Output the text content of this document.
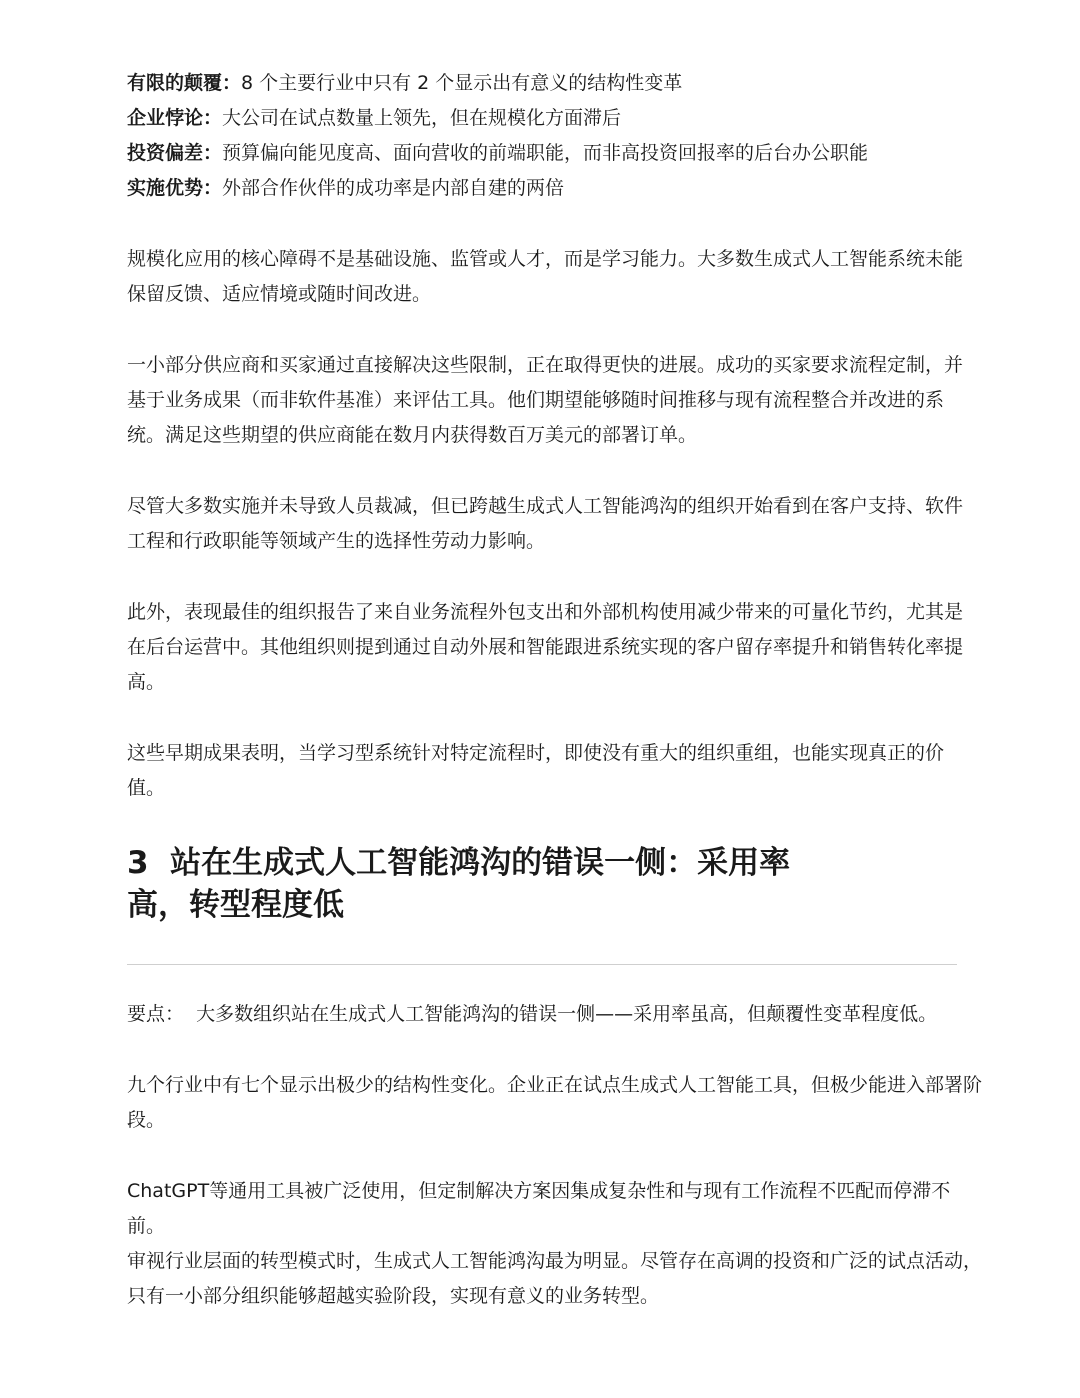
有限的颠覆：8 个主要行业中只有 2 个显示出有意义的结构性变革

企业悖论：大公司在试点数量上领先，但在规模化方面滞后

投资偏差：预算偏向能见度高、面向营收的前端职能，而非高投资回报率的后台办公职能

实施优势：外部合作伙伴的成功率是内部自建的两倍

规模化应用的核心障碍不是基础设施、监管或人才，而是学习能力。大多数生成式人工智能系统未能保留反馈、适应情境或随时间改进。

一小部分供应商和买家通过直接解决这些限制，正在取得更快的进展。成功的买家要求流程定制，并基于业务成果（而非软件基准）来评估工具。他们期望能够随时间推移与现有流程整合并改进的系统。满足这些期望的供应商能在数月内获得数百万美元的部署订单。

尽管大多数实施并未导致人员裁减，但已跨越生成式人工智能鸿沟的组织开始看到在客户支持、软件工程和行政职能等领域产生的选择性劳动力影响。

此外，表现最佳的组织报告了来自业务流程外包支出和外部机构使用减少带来的可量化节约，尤其是在后台运营中。其他组织则提到通过自动外展和智能跟进系统实现的客户留存率提升和销售转化率提高。

这些早期成果表明，当学习型系统针对特定流程时，即使没有重大的组织重组，也能实现真正的价值。

3 站在生成式人工智能鸿沟的错误一侧：采用率高，转型程度低

要点： 大多数组织站在生成式人工智能鸿沟的错误一侧——采用率虽高，但颠覆性变革程度低。

九个行业中有七个显示出极少的结构性变化。企业正在试点生成式人工智能工具，但极少能进入部署阶段。

ChatGPT等通用工具被广泛使用，但定制解决方案因集成复杂性和与现有工作流程不匹配而停滞不前。

审视行业层面的转型模式时，生成式人工智能鸿沟最为明显。尽管存在高调的投资和广泛的试点活动，只有一小部分组织能够超越实验阶段，实现有意义的业务转型。
